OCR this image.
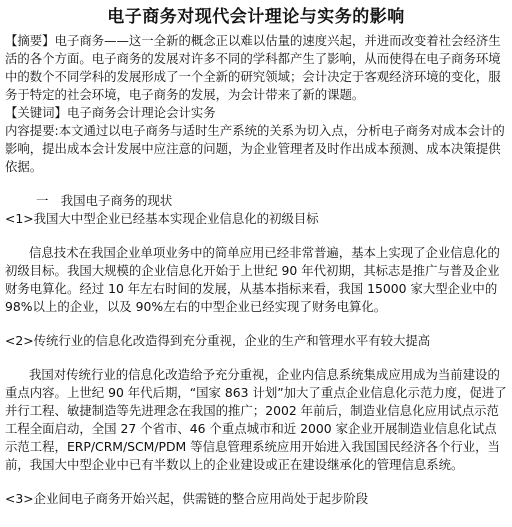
电子商务对现代会计理论与实务的影响

【摘要】电子商务——这一全新的概念正以难以估量的速度兴起，并进而改变着社会经济生活的各个方面。电子商务的发展对许多不同的学科都产生了影响，从而使得在电子商务环境中的数个不同学科的发展形成了一个全新的研究领域；会计决定于客观经济环境的变化，服务于特定的社会环境，电子商务的发展，为会计带来了新的课题。

【关键词】电子商务会计理论会计实务

内容提要:本文通过以电子商务与适时生产系统的关系为切入点，分析电子商务对成本会计的影响，提出成本会计发展中应注意的问题，为企业管理者及时作出成本预测、成本决策提供依据。

一　我国电子商务的现状

<1>我国大中型企业已经基本实现企业信息化的初级目标

信息技术在我国企业单项业务中的简单应用已经非常普遍，基本上实现了企业信息化的初级目标。我国大规模的企业信息化开始于上世纪 90 年代初期，其标志是推广与普及企业财务电算化。经过 10 年左右时间的发展，从基本指标来看，我国 15000 家大型企业中的 98%以上的企业，以及 90%左右的中型企业已经实现了财务电算化。

<2>传统行业的信息化改造得到充分重视，企业的生产和管理水平有较大提高

我国对传统行业的信息化改造给予充分重视，企业内信息系统集成应用成为当前建设的重点内容。上世纪 90 年代后期，“国家 863 计划”加大了重点企业信息化示范力度，促进了并行工程、敏捷制造等先进理念在我国的推广；2002 年前后，制造业信息化应用试点示范工程全面启动，全国 27 个省市、46 个重点城市和近 2000 家企业开展制造业信息化试点示范工程，ERP/CRM/SCM/PDM 等信息管理系统应用开始进入我国国民经济各个行业，当前，我国大中型企业中已有半数以上的企业建设或正在建设继承化的管理信息系统。

<3>企业间电子商务开始兴起，供需链的整合应用尚处于起步阶段
